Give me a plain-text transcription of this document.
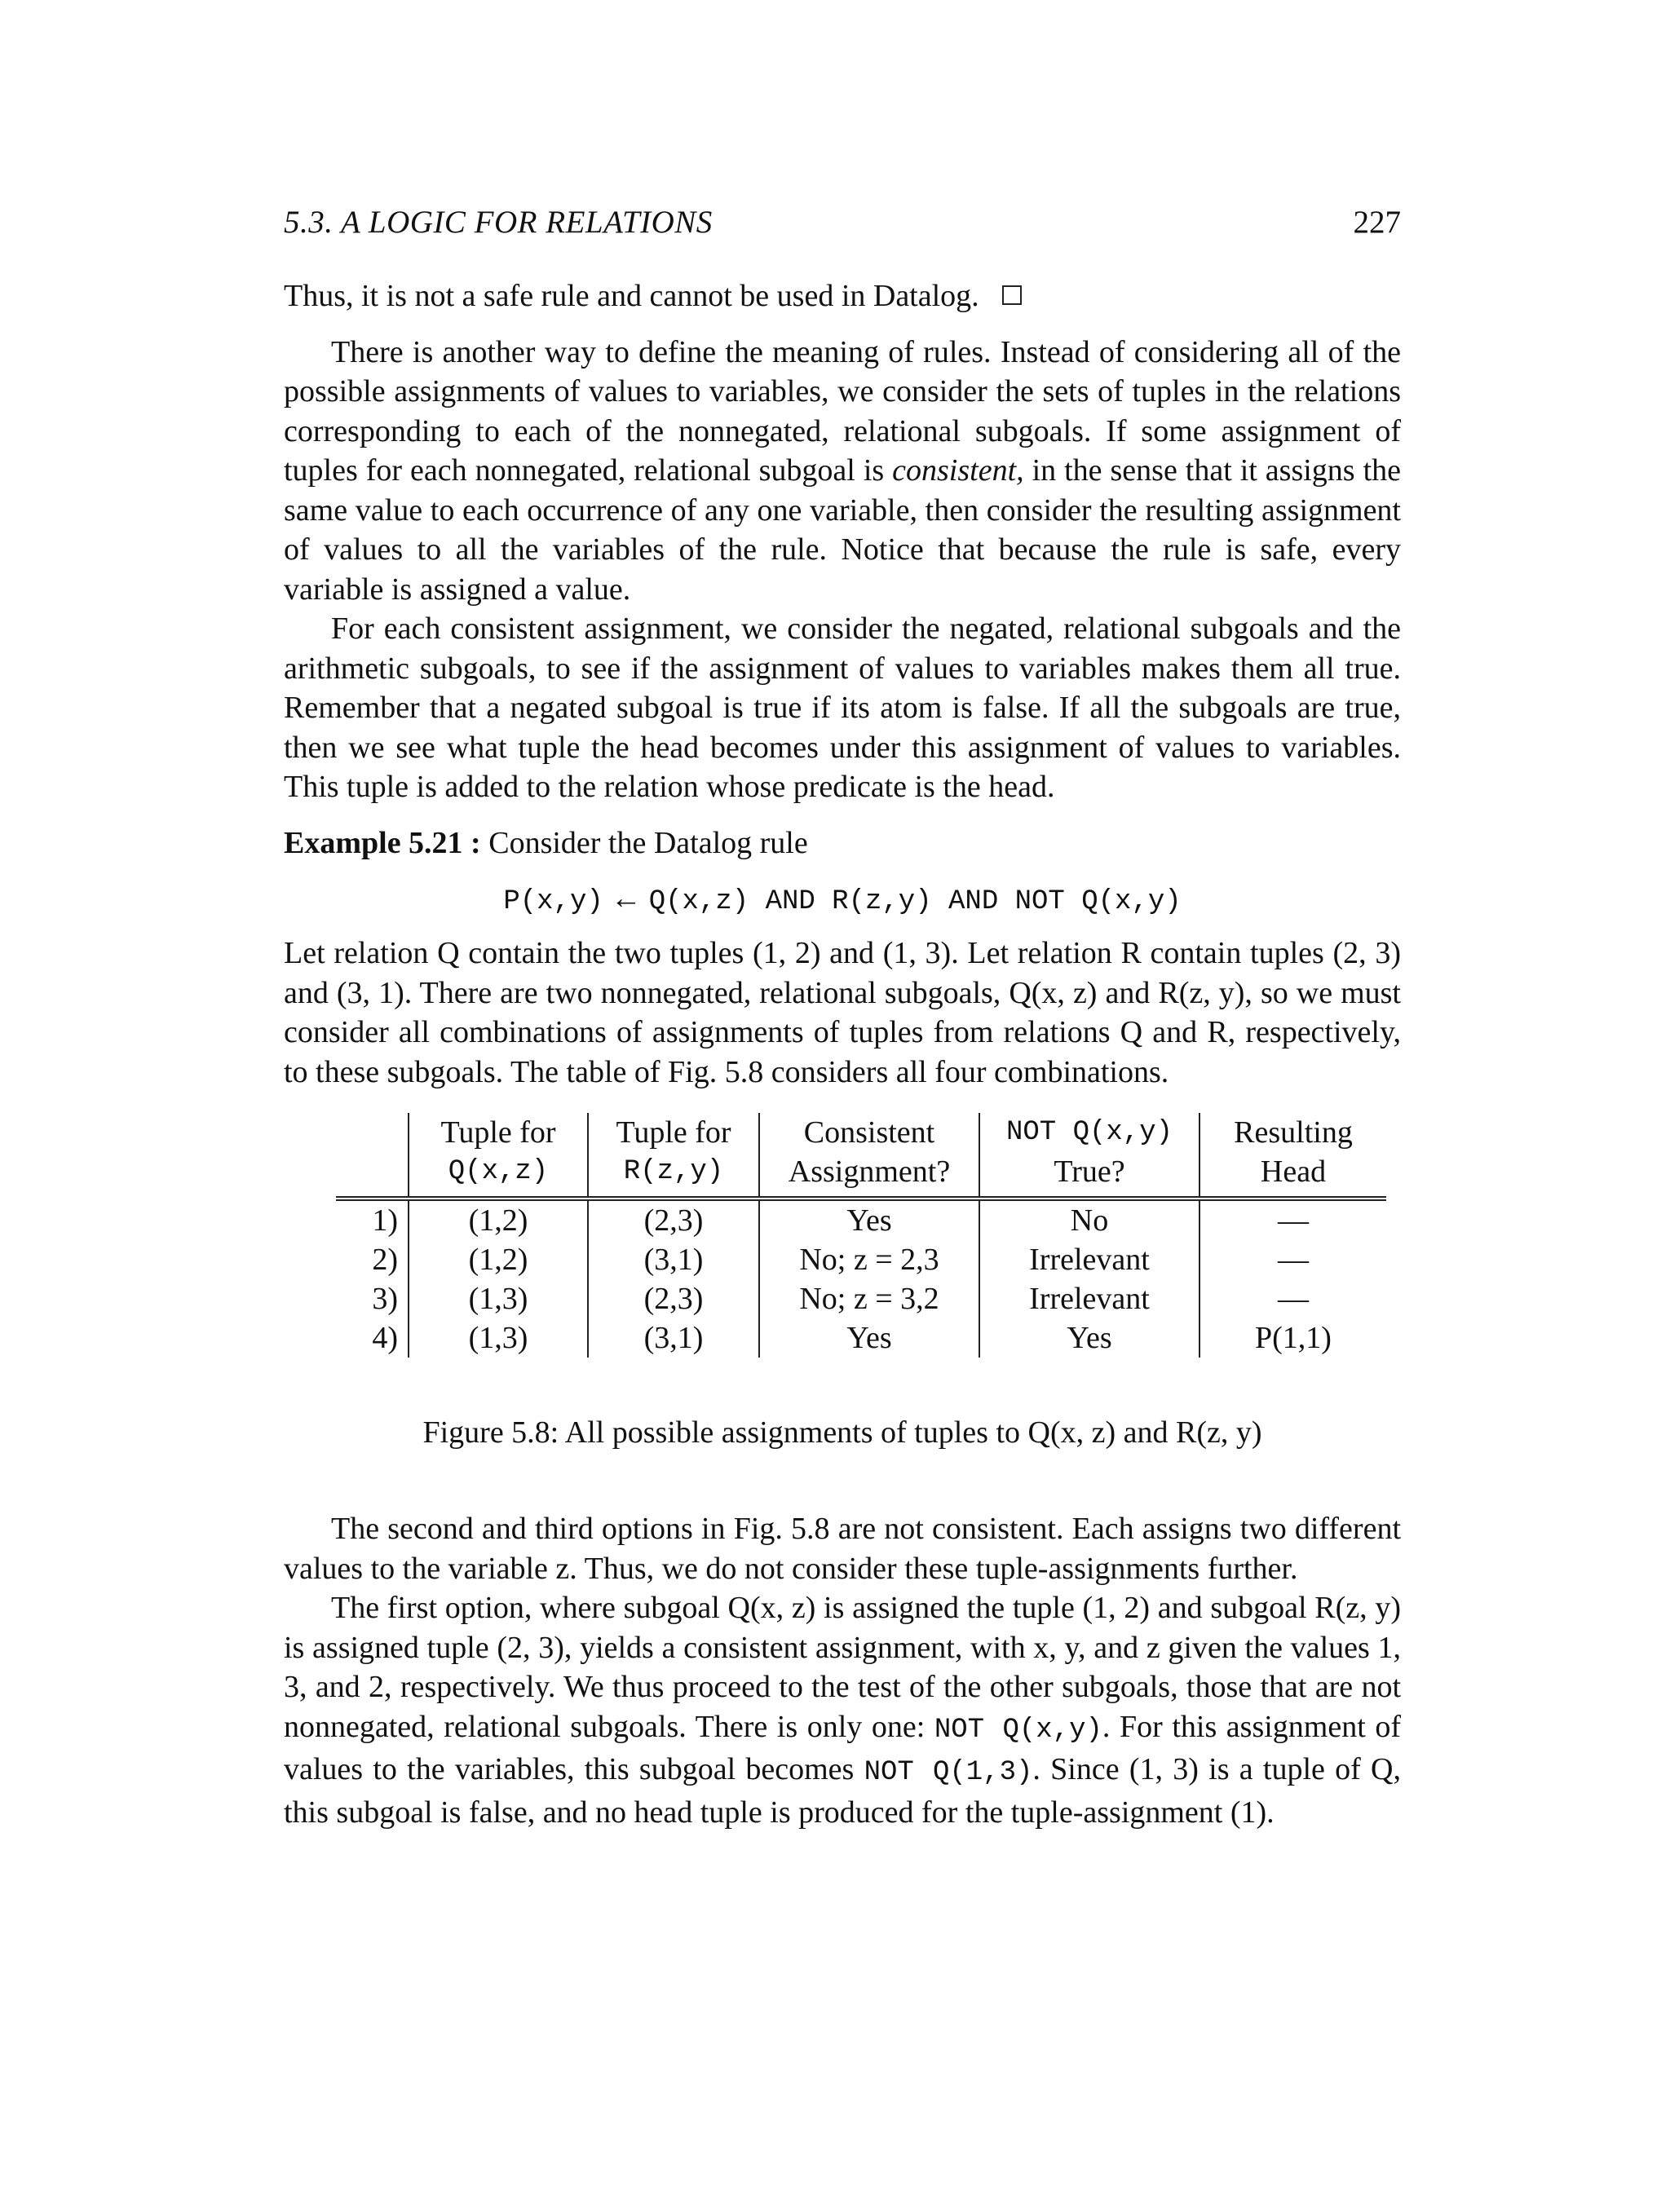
5.3. A LOGIC FOR RELATIONS	227

Thus, it is not a safe rule and cannot be used in Datalog.

There is another way to define the meaning of rules. Instead of considering all of the possible assignments of values to variables, we consider the sets of tuples in the relations corresponding to each of the nonnegated, relational subgoals. If some assignment of tuples for each nonnegated, relational subgoal is consistent, in the sense that it assigns the same value to each occurrence of any one variable, then consider the resulting assignment of values to all the variables of the rule. Notice that because the rule is safe, every variable is assigned a value.

For each consistent assignment, we consider the negated, relational subgoals and the arithmetic subgoals, to see if the assignment of values to variables makes them all true. Remember that a negated subgoal is true if its atom is false. If all the subgoals are true, then we see what tuple the head becomes under this assignment of values to variables. This tuple is added to the relation whose predicate is the head.

Example 5.21 : Consider the Datalog rule

P(x,y) ← Q(x,z) AND R(z,y) AND NOT Q(x,y)

Let relation Q contain the two tuples (1, 2) and (1, 3). Let relation R contain tuples (2, 3) and (3, 1). There are two nonnegated, relational subgoals, Q(x, z) and R(z, y), so we must consider all combinations of assignments of tuples from relations Q and R, respectively, to these subgoals. The table of Fig. 5.8 considers all four combinations.

	Tuple for	Tuple for	Consistent	NOT Q(x,y)	Resulting
	Q(x,z)	R(z,y)	Assignment?	True?	Head
1)	(1,2)	(2,3)	Yes	No	—
2)	(1,2)	(3,1)	No; z = 2,3	Irrelevant	—
3)	(1,3)	(2,3)	No; z = 3,2	Irrelevant	—
4)	(1,3)	(3,1)	Yes	Yes	P(1,1)
Figure 5.8: All possible assignments of tuples to Q(x, z) and R(z, y)

The second and third options in Fig. 5.8 are not consistent. Each assigns two different values to the variable z. Thus, we do not consider these tuple-assignments further.

The first option, where subgoal Q(x, z) is assigned the tuple (1, 2) and subgoal R(z, y) is assigned tuple (2, 3), yields a consistent assignment, with x, y, and z given the values 1, 3, and 2, respectively. We thus proceed to the test of the other subgoals, those that are not nonnegated, relational subgoals. There is only one: NOT Q(x,y). For this assignment of values to the variables, this subgoal becomes NOT Q(1,3). Since (1, 3) is a tuple of Q, this subgoal is false, and no head tuple is produced for the tuple-assignment (1).
